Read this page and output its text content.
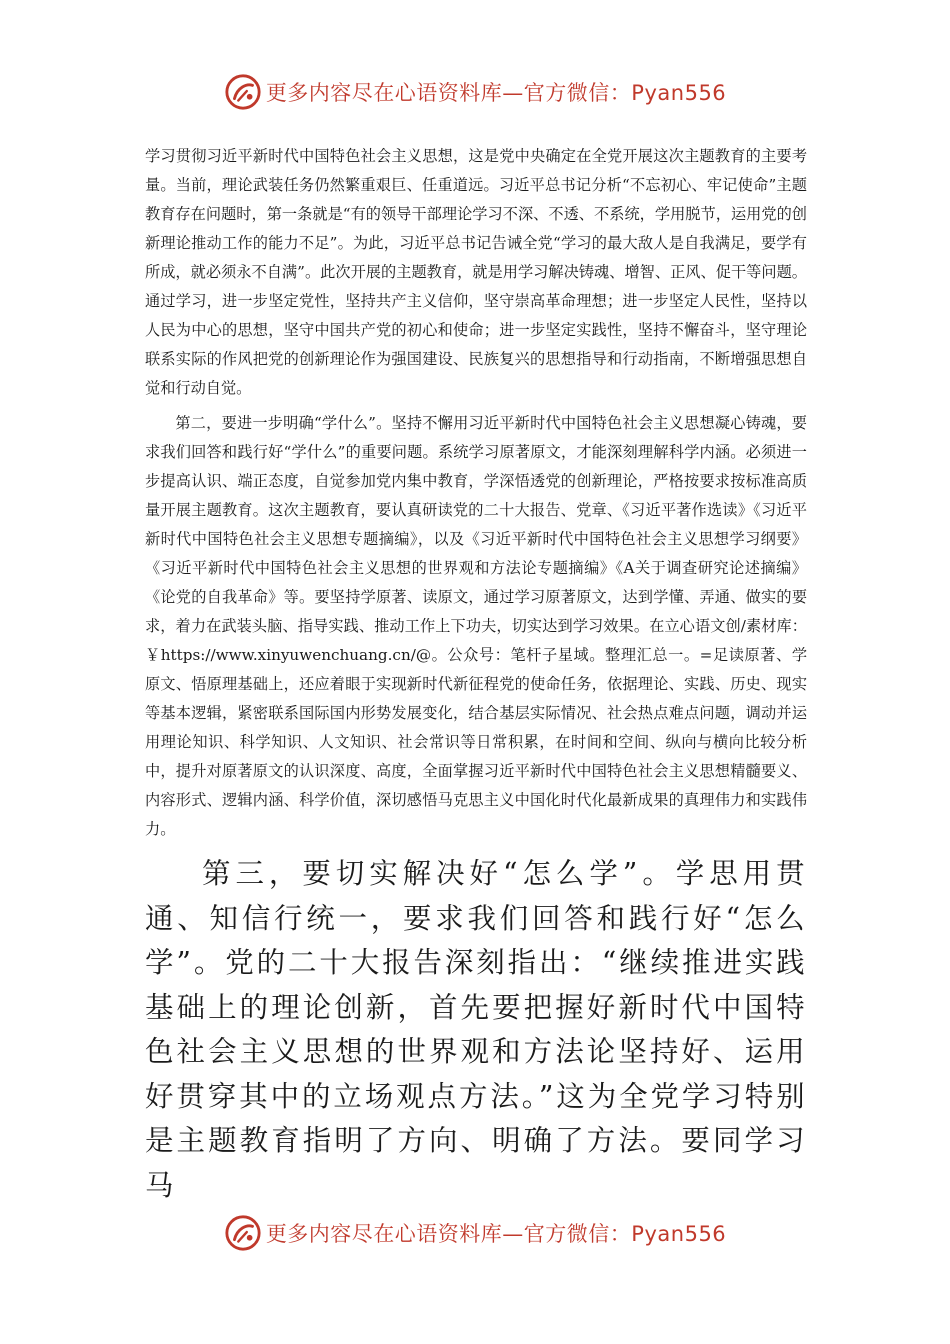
更多内容尽在心语资料库—官方微信：Pyan556

学习贯彻习近平新时代中国特色社会主义思想，这是党中央确定在全党开展这次主题教育的主要考量。当前，理论武装任务仍然繁重艰巨、任重道远。习近平总书记分析“不忘初心、牢记使命”主题教育存在问题时，第一条就是“有的领导干部理论学习不深、不透、不系统，学用脱节，运用党的创新理论推动工作的能力不足”。为此，习近平总书记告诫全党“学习的最大敌人是自我满足，要学有所成，就必须永不自满”。此次开展的主题教育，就是用学习解决铸魂、增智、正风、促干等问题。通过学习，进一步坚定党性，坚持共产主义信仰，坚守崇高革命理想；进一步坚定人民性，坚持以人民为中心的思想，坚守中国共产党的初心和使命；进一步坚定实践性，坚持不懈奋斗，坚守理论联系实际的作风把党的创新理论作为强国建设、民族复兴的思想指导和行动指南，不断增强思想自觉和行动自觉。

第二，要进一步明确“学什么”。坚持不懈用习近平新时代中国特色社会主义思想凝心铸魂，要求我们回答和践行好“学什么”的重要问题。系统学习原著原文，才能深刻理解科学内涵。必须进一步提高认识、端正态度，自觉参加党内集中教育，学深悟透党的创新理论，严格按要求按标准高质量开展主题教育。这次主题教育，要认真研读党的二十大报告、党章、《习近平著作选读》《习近平新时代中国特色社会主义思想专题摘编》，以及《习近平新时代中国特色社会主义思想学习纲要》《习近平新时代中国特色社会主义思想的世界观和方法论专题摘编》《A关于调查研究论述摘编》《论党的自我革命》等。要坚持学原著、读原文，通过学习原著原文，达到学懂、弄通、做实的要求，着力在武装头脑、指导实践、推动工作上下功夫，切实达到学习效果。在立心语文创/素材库：￥https://www.xinyuwenchuang.cn/@。公众号：笔杆子星域。整理汇总一。=足读原著、学原文、悟原理基础上，还应着眼于实现新时代新征程党的使命任务，依据理论、实践、历史、现实等基本逻辑，紧密联系国际国内形势发展变化，结合基层实际情况、社会热点难点问题，调动并运用理论知识、科学知识、人文知识、社会常识等日常积累，在时间和空间、纵向与横向比较分析中，提升对原著原文的认识深度、高度，全面掌握习近平新时代中国特色社会主义思想精髓要义、内容形式、逻辑内涵、科学价值，深切感悟马克思主义中国化时代化最新成果的真理伟力和实践伟力。

第三，要切实解决好“怎么学”。学思用贯通、知信行统一，要求我们回答和践行好“怎么学”。党的二十大报告深刻指出：“继续推进实践基础上的理论创新，首先要把握好新时代中国特色社会主义思想的世界观和方法论坚持好、运用好贯穿其中的立场观点方法。”这为全党学习特别是主题教育指明了方向、明确了方法。要同学习马

更多内容尽在心语资料库—官方微信：Pyan556
